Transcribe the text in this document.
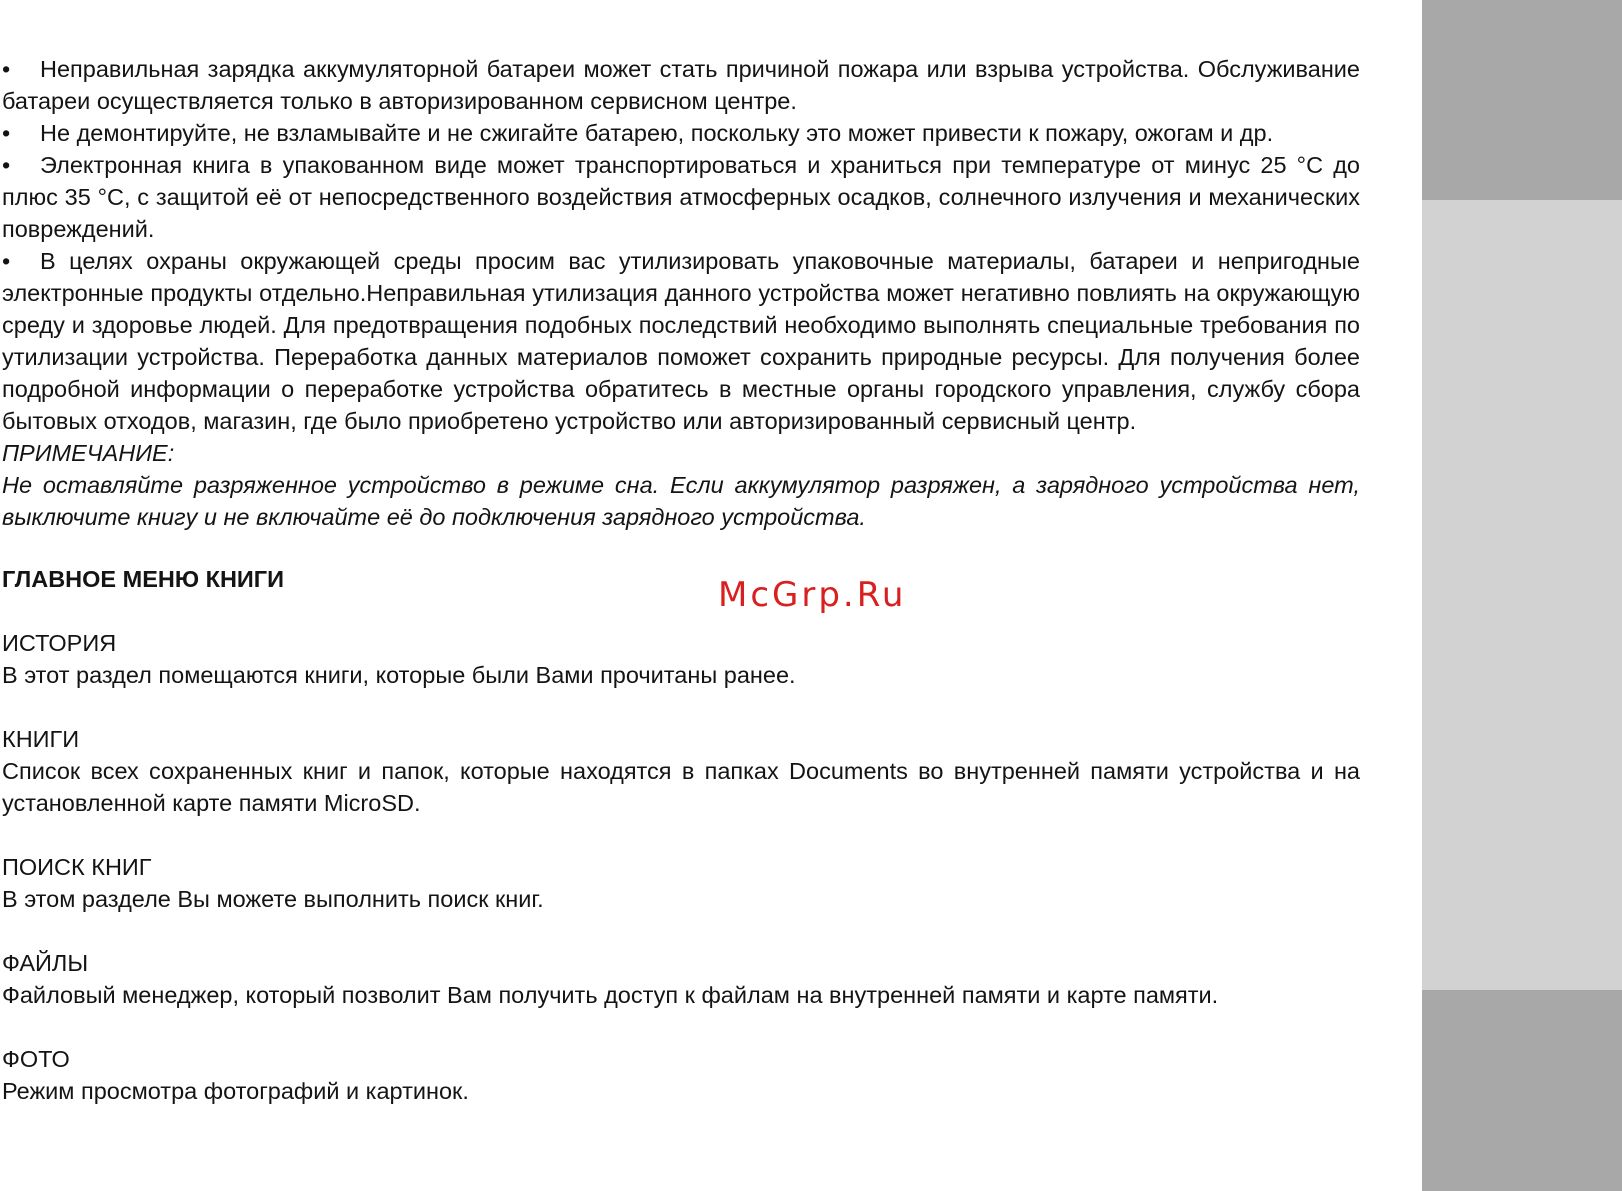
• Неправильная зарядка аккумуляторной батареи может стать причиной пожара или взрыва устройства. Обслуживание батареи осуществляется только в авторизированном сервисном центре.

• Не демонтируйте, не взламывайте и не сжигайте батарею, поскольку это может привести к пожару, ожогам и др.

• Электронная книга в упакованном виде может транспортироваться и храниться при температуре от минус 25 °С до плюс 35 °С, с защитой её от непосредственного воздействия атмосферных осадков, солнечного излучения и механических повреждений.

• В целях охраны окружающей среды просим вас утилизировать упаковочные материалы, батареи и непригодные электронные продукты отдельно.Неправильная утилизация данного устройства может негативно повлиять на окружающую среду и здоровье людей. Для предотвращения подобных последствий необходимо выполнять специальные требования по утилизации устройства. Переработка данных материалов поможет сохранить природные ресурсы. Для получения более подробной информации о переработке устройства обратитесь в местные органы городского управления, службу сбора бытовых отходов, магазин, где было приобретено устройство или авторизированный сервисный центр.

ПРИМЕЧАНИЕ:

Не оставляйте разряженное устройство в режиме сна. Если аккумулятор разряжен, а зарядного устройства нет, выключите книгу и не включайте её до подключения зарядного устройства.

ГЛАВНОЕ МЕНЮ КНИГИ

ИСТОРИЯ

В этот раздел помещаются книги, которые были Вами прочитаны ранее.

КНИГИ

Список всех сохраненных книг и папок, которые находятся в папках Documents во внутренней памяти устройства и на установленной карте памяти MicroSD.

ПОИСК КНИГ

В этом разделе Вы можете выполнить поиск книг.

ФАЙЛЫ

Файловый менеджер, который позволит Вам получить доступ к файлам на внутренней памяти и карте памяти.

ФОТО

Режим просмотра фотографий и картинок.

McGrp.Ru
